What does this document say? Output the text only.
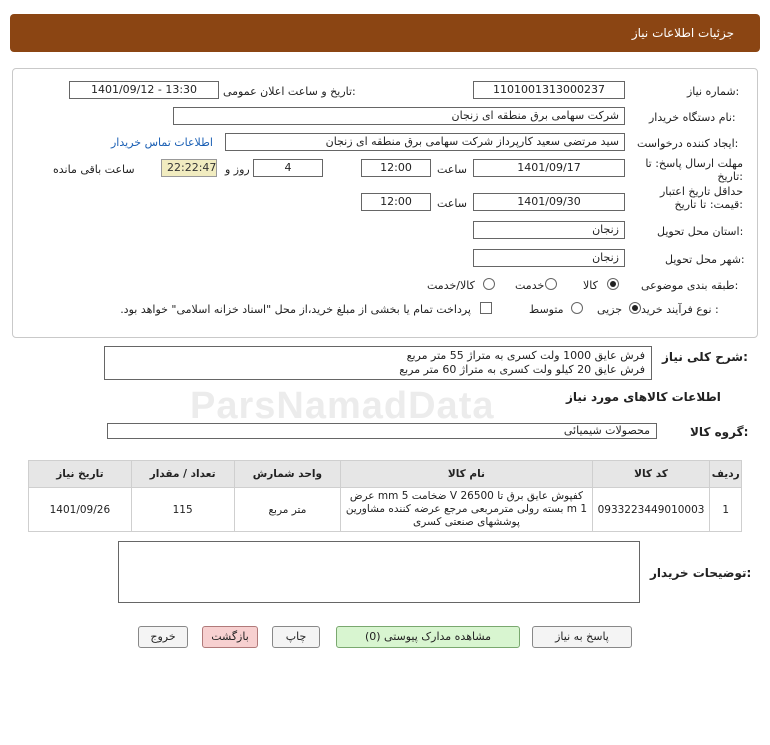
جزئیات اطلاعات نیاز
شماره نیاز:
1101001313000237
تاریخ و ساعت اعلان عمومی:
1401/09/12 - 13:30
نام دستگاه خریدار:
شرکت سهامی برق منطقه ای زنجان
ایجاد کننده درخواست:
سید مرتضی سعید کارپرداز شرکت سهامی برق منطقه ای زنجان
اطلاعات تماس خریدار
مهلت ارسال پاسخ: تا
تاریخ:
1401/09/17
ساعت
12:00
4
روز و
22:22:47
ساعت باقی مانده
حداقل تاریخ اعتبار
قیمت: تا تاریخ:
1401/09/30
ساعت
12:00
استان محل تحویل:
زنجان
شهر محل تحویل:
زنجان
طبقه بندی موضوعی:
کالا
خدمت
کالا/خدمت
نوع فرآیند خرید :
جزیی
متوسط
پرداخت تمام یا بخشی از مبلغ خرید،از محل "اسناد خزانه اسلامی" خواهد بود.
ParsNamadData
شرح کلی نیاز:
فرش عایق 1000 ولت کسری به متراژ 55 متر مربع
فرش عایق 20 کیلو ولت کسری به متراژ 60 متر مربع
اطلاعات کالاهای مورد نیاز
گروه کالا:
محصولات شیمیائی
ردیف	کد کالا	نام کالا	واحد شمارش	تعداد / مقدار	تاریخ نیاز
1	0933223449010003	کفپوش عایق برق تا 26500 V ضخامت 5 mm عرض 1 m بسته رولی مترمربعی مرجع عرضه کننده مشاورین پوششهای صنعتی کسری	متر مربع	115	1401/09/26
توضیحات خریدار:
پاسخ به نیاز
مشاهده مدارک پیوستی (0)
چاپ
بازگشت
خروج
